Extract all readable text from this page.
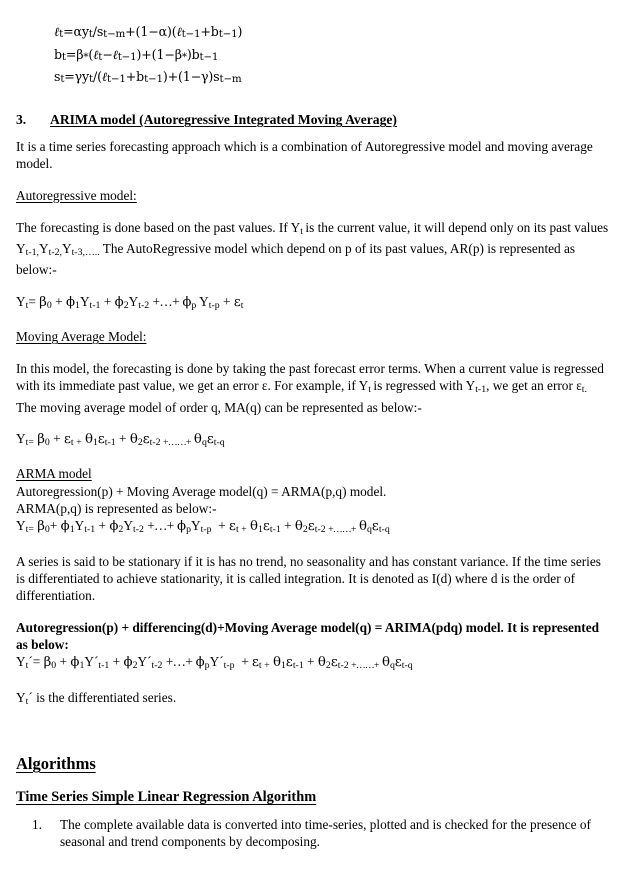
$\ell_t=\alpha y_t/s_{t-m}+(1-\alpha)(\ell_{t-1}+b_{t-1})$
$b_t=\beta_*(\ell_t-\ell_{t-1})+(1-\beta_*)b_{t-1}$
$s_t=\gamma y_t/(\ell_{t-1}+b_{t-1})+(1-\gamma)s_{t-m}$
3.	ARIMA model (Autoregressive Integrated Moving Average)

It is a time series forecasting approach which is a combination of Autoregressive model and moving average model.

Autoregressive model:

The forecasting is done based on the past values. If $Y_t$ is the current value, it will depend only on its past values $Y_{t-1,}Y_{t-2,}Y_{t-3,\dots..}$ The AutoRegressive model which depend on p of its past values, AR(p) is represented as below:-

$Y_t= \beta_0 + \phi_1Y_{t-1} + \phi_2Y_{t-2}$ +…+ $\phi_p$ $Y_{t-p} + \varepsilon_t$

Moving Average Model:

In this model, the forecasting is done by taking the past forecast error terms. When a current value is regressed with its immediate past value, we get an error ε. For example, if $Y_t$ is regressed with $Y_{t-1}$, we get an error $\varepsilon_{t.}$ The moving average model of order q, MA(q) can be represented as below:-

$Y_{t=}$ $\beta_0 + \varepsilon_{t +}$ $\theta_1\varepsilon_{t-1} + \theta_2\varepsilon_{t-2}$ +……+ $\theta_q\varepsilon_{t-q}$

ARMA model

Autoregression(p) + Moving Average model(q) = ARMA(p,q) model.

ARMA(p,q) is represented as below:-

$Y_{t=}$ $\beta_0+ \phi_1Y_{t-1} + \phi_2Y_{t-2}$ +…+ $\phi_pY_{t-p} + \varepsilon_{t +}$ $\theta_1\varepsilon_{t-1} + \theta_2\varepsilon_{t-2}$ +……+ $\theta_q\varepsilon_{t-q}$

A series is said to be stationary if it is has no trend, no seasonality and has constant variance. If the time series is differentiated to achieve stationarity, it is called integration. It is denoted as I(d) where d is the order of differentiation.

Autoregression(p) + differencing(d)+Moving Average model(q) = ARIMA(pdq) model. It is represented

as below:

$Y_t´= \beta_0$ + $\phi_1Y´_{t-1}$ + $\phi_2Y´_{t-2}$ +…+ $\phi_pY´_{t-p} + \varepsilon_{t +}$ $\theta_1\varepsilon_{t-1} + \theta_2\varepsilon_{t-2}$ +……+ $\theta_q\varepsilon_{t-q}$

$Y_t´$ is the differentiated series.

Algorithms
Time Series Simple Linear Regression Algorithm
1.	The complete available data is converted into time-series, plotted and is checked for the presence of seasonal and trend components by decomposing.
